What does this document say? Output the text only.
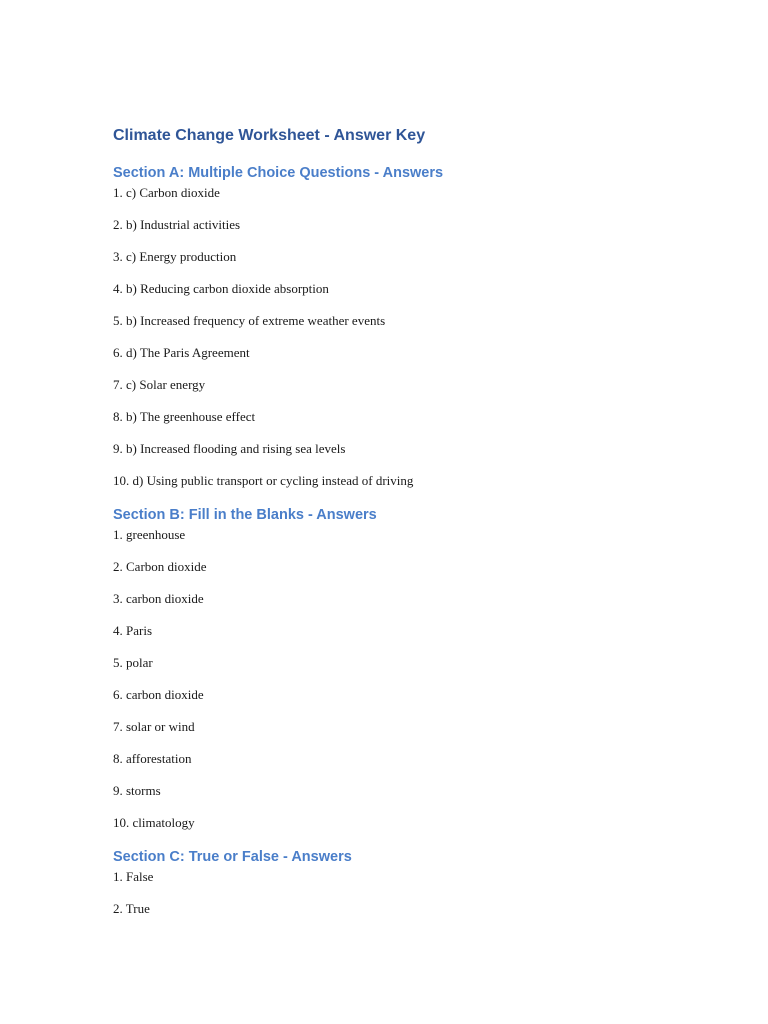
Climate Change Worksheet - Answer Key
Section A: Multiple Choice Questions - Answers
1. c) Carbon dioxide
2. b) Industrial activities
3. c) Energy production
4. b) Reducing carbon dioxide absorption
5. b) Increased frequency of extreme weather events
6. d) The Paris Agreement
7. c) Solar energy
8. b) The greenhouse effect
9. b) Increased flooding and rising sea levels
10. d) Using public transport or cycling instead of driving
Section B: Fill in the Blanks - Answers
1. greenhouse
2. Carbon dioxide
3. carbon dioxide
4. Paris
5. polar
6. carbon dioxide
7. solar or wind
8. afforestation
9. storms
10. climatology
Section C: True or False - Answers
1. False
2. True
